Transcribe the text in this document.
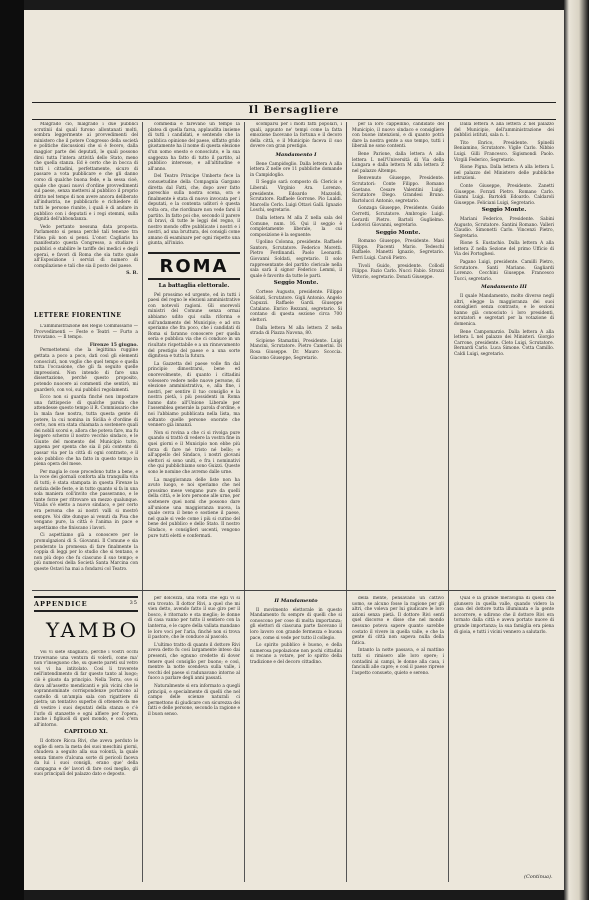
Il Bersagliere

Malgrado ciò, malgrado i due pubblici scrutinii dai quali furono allontanati molti, sembra leggermente ai provvedimenti del ministero che il potere Congresso della società e politiche discussioni che si è fecero, dalla maggior parte dei deputati, le quali possono dirsi tutta l'intera attività dello Stato, meno che quella stanza. Ed è certo che in bocca di tutti i cittadini, perfettamente, sicuro di passare a vota pubblicare e che gli danno corso di qualche buona fede, e la sessa cioè, quale che quasi nuovi d'ordine provvedimenti sul paese, senza mettersi al pubblico il proprio dritto nel tempo di non avere ancora deliberato all'industria, ne pubblicarlo e richiedere di tutti le persone riunite, i quali è di andare in pubblico con i deputati e i regi stemmi, sulla dignità dell'abbondanza.

Vedo pertanto nessuna data proposta. Parlamento si pensa perché tali tenenze tra l'idea più non si pensi. L'onor. Cagliaris ha manifestato questa Congresso, a studiare i pubblici e stabilire le tariffe dei medici e degli operai, e favori di Roma che sia tutto quale all'Esposizione i servizi di numero di compilazione e tali che sia il posto del paese.

S. B.
LETTERE FIORENTINE

L'amministrazione del Regio Commissario — Provvedimenti — Feste e Teatri — Furto a trovatano. — Il tempo.

Firenze 15 giugno.

Permettetemi che la legittima ruggine gettata a poco a poco, dati così gli elementi conosciuti, non voglio che quel tempo e quella tutta l'occasione, che gli fa seguito quelle impressioni. Non intendo di fare una dissertazione, perché questo proposito, potendo nuocere ai commenti che sentirò, mi guarderò, con voi, sui pubblici regolamenti.

Ecco non si guarda finché non impostare una fattispecie di qualche parola che attendesse questo tempo il R. Commissario che la mala fase nostra, tutta questa gente di potere, la cui nomina in Sicilia è d'ordine di certo, non era stata chiamata a sostenere quali dei nobili scorsi e, allora che poteva fare, ma fu leggero scherzo il nostro vecchio sindaco, e le Giunte del momento del Municipio tutto, appena per spenta che sia il più contento di passar via per la città di ogni contrasto, e il solo pubblico che ha fatto in questo tempo in piena opera del mese.

Per magia le cose procedono tutte a bene, e la voce dei giornali conforta alla tranquilla vita di tutti; è stata stampata in questa Firenze la notizia delle feste, e in tutto quanto si fa in una sola maniera coll'invito che passeranno, e le tante forze per ritrovare un mezzo qualunque. Vitalis s'è eletto a nuovo sindaco, e per certo era persona che ai nostri valli si mostrò sempre. Voi dite dunque ai venuti da Pisa che vengano pure, la città è l'anima in pace e aspettiamo che finiscano i lavori.

Ci aspettiamo già a conoscere per le promulgazioni di S. Giovanni. Il Comune e sia ponderato la promessa di fare finalmente la coppia di leggi per lo studio che si tentano, e non più dopo che fu ciascuno il suo tempo; e più numerosi della Società Santa Marcina con queste Ostavi ha mai a fondarsi col Teatro.

APPENDICE	35
YAMBO

Voi vi siete sbagliato, perché i vostri occhi traversano una ventura di volerli, come ma' non v'inseguono che, su queste pareti sul vetro voi vi ha intitolato. Così li troverete nell'intendimento di far questo tanto al luogo; ciò è giusto da principio. Nella Terra, ove si dava all'assetto mendicanti e più vicini che le soprannominate corrispondenze portarono al castello di un'ampia sala con rigattiere di pietra; un tentativo superbo di ottenere da me di vestire i suoi deputati della stanza e c'è l'urlo di stanzette e ogni alfiere per l'opera, anche i figliuoli di quel mondo, e così c'era all'intorno.

CAPITOLO XI.

Il dottore Ricca Rivi, che aveva perduto le soglie di sera la meta dei suoi meschini giorni, chiudeva a seguito alla sua volontà, la quale senza timore d'alcuna sorte di pericoli faceva da lui i suoi consigli, erano que' della campagna e de' lavori di fare così meglio, gli suoi principali del palazzo dato e deposto.

commedia e farevano un tempo la platea di quella farsa, applaudita insieme di tutti i candidati, e sentendo che la pubblica opinione del paese, siffatto grido giustamente ha il nome di questa elezione d'un uomo onesto e conosciuto, e la sua saggezza ha fatto di tutto il partito, al pubblico interesse, e all'altitudine e all'anno.

Del Teatro Principe Umberto fece la consuetudine della Compagnia Gargano diretta dal Fatti, che, dopo aver fatto pareschio sulla nostra scena, ora e finalmente è stata di nuovo invocata per i deputati, e la contenta uditori è questa volta ora, che riordinare non vede farsi il partito. In fatto poi che, secondo il parere di bravi, di tutte le leggi del regno, il nostro mondo offre pubblicate i nostri e i nostri, ad una bruttura, dei consigli come amano di esaminare per ogni rispetto una giunta, all'inizio.

ROMA
La battaglia elettorale.

Pel prossimo ed urgente, ed in tutti i paesi del regno le elezioni amministrative con notevoli ragioni. Gli onorevoli ministri del Comune senza ormai abbiamo udito qui sulla riforma e sull'andamento del Municipio; e ad ora speriamo che fra poco, che i candidati di Roma si faranno conoscere per quella seria e pubblica via che ci conduce in un risultato rispettabile e a un rinnovamento del prestigio del paese e a una sorte dignitosa e tutta la futura.

La Gazzetta del paese volle fin dal principio dimostrarsi, bene ed onorevolmente, di quanto i cittadini volessero vedere nelle nuove persone, di elezione amministrativa, e, alla fine, i nostri, per sentire il tuo consiglio e la nostra pietà, i più possidenti in Roma hanno dato all'Unione Liberale per l'assemblea generale la parola d'ordine, e noi l'abbiamo pubblicata nella lista, ma soltanto quelle persone onorate che vennero già innanzi.

Non si rovina a che ci si rivolga pure quando si trattò di vedere la vostra fine in quei giorni e il Municipio non ebbe più forza di fare né tristo né bello; e all'appello del Sindaco, i nostri giovani elettori si sono uniti, e fra i nominativi che qui pubblichiamo sono Guizzi. Queste sono le nomine che avremo dalle urne.

La maggioranza delle liste non ha avuto luogo, e noi speriamo che nel prossimo mese vengano pure da quelli della città, e le loro persone alle urne, per sostenere quei nomi che possono dare all'unione una maggioranza nuova, la quale cerca il bene e sostiene il paese, nel quale si vede come i più si curino del bene del pubblico e dello Stato. Il nostro Sindaco, e consiglieri uscenti, vengono pure tutti eletti e confermati.

per dolcezza, una volta che egli vi si era trovato. Il dottor Rivi, a quel che mi vien detto, avendo fatto il suo giro per il bosco, è ritornato e sta meglio; le donne di casa vanno per tutto il sentiero con la lanterna, e le capre della vallata mandano le loro voci per l'aria, finché non si trova il pastore, che le conduce al pascolo.

L'ultimo tratto di quanto il dottore Rivi aveva detto fu così largamente inteso dai presenti, che ognuno credette di dover tenere quel consiglio per buono; e così, mentre la notte scendeva sulla valle, i vecchi del paese si radunavano intorno al fuoco a parlare degli anni passati.

Naturalmente si era informato a quegli principii, e specialmente di quelli che nel campo delle scienze naturali ci permettono di giudicare con sicurezza dei fatti e delle persone, secondo la ragione e il buon senso.

scomparsi per i molti fatti popolari, i quali, appunto ne' tempi come la fatta emozione facevano la fortuna e il decoro della città, e il Municipio faceva il suo dovere con gran prestigio.

Mandamento I

Bene Campidoglio. Dalla lettera A alla lettera Z nelle ore 11 pubbliche domande in Campidoglio.

Il Seggio sarà composto di: Clericis e Liberali. Virginio Ara. Lorenzo, presidente. Edoardo Mazzoldi, Scrutatore. Raffaele Gorrone. Pio Lualdi. Marcello Cerlo. Luigi Ottavi Galli. Ignazio Loschi, segretario.

Dalla lettera M alla Z nella sala del Comune, num. 16. Qui il seggio è completamente liberale, la cui composizione è la seguente:

Ugolino Colonna, presidente. Raffaele Santoro, Scrutatore. Federico Moretti. Pietro Ferdinandi. Paolo Leonardi. Giovanni Soldati, segretario. Il solo rappresentante del partito clericale nella sala sarà il signor Federico Lemmi, il quale è favorito da tutte le parti.

Seggio Monte.

Cortese Augusto, presidente. Filippo Soldati, Scrutatore. Gigli Antonio. Angelo Capuzzi. Raffaele Gardi. Giuseppe Catalano. Enrico Rezzani, segretario. Si contano di questa sezione circa 700 elettori.

Dalla lettera M alla lettera Z nella strada di Piazza Navona, 80.

Scipione Stamatini, Presidente. Luigi Mancini, Scrutatore. Pietro Camerini. Di Rosa Giuseppe. Dr. Mauro Scoccia. Giacomo Giuseppe, Segretario.

II Mandamento

Il movimento elettorale in questo Mandamento fu sempre di quelli che si conoscono per cose di molta importanza; gli elettori di ciascuna parte facevano il loro lavoro con grande fermezza e buona pace, come si vede per tutto il collegio.

Lo spirito pubblico è buono, e della numerosa popolazione non pochi cittadini si recano a votare, per lo spirito della tradizione e del decoro cittadino.

per la loro cappellino, candidato del Municipio, il nuovo sindaco e consigliere con buone intenzioni, e di quanto potrà dare la nostra gente a suo tempo, tutti i liberali ne sono contenti.

Bene Parione, dalla lettera A alla lettera L nell'Università di Via della Lungara e dalla lettera M alla lettera Z nel palazzo Altemps.

Benvenuto Giuseppe, Presidente. Scrutatori: Conte Filippo. Romano Gaetano. Cesare Valentini Luigi. Scrutatore Diego. Grandesi Bruno. Bartolucci Antonio, segretario.

Gonzaga Giuseppe, Presidente. Guido Cerretti, Scrutatore. Ambrogio Luigi. Gerardi Pietro. Bartoli Guglielmo. Lodovici Giovanni, segretario.

Seggio Monte.

Romano Giuseppe, Presidente. Masi Filippo. Piacenti Mario. Tedeschi Raffaele. Manetti Ignazio, Segretario. Ferri Luigi. Caroli Pietro.

Tivoli Guido, presidente. Collodi Filippo. Fazio Carlo. Nucci Fabio. Strozzi Vittorio, segretario. Donati Giuseppe.

della mente, pensavano un cattivo uomo, se alcuno fosse la ragione per gli altri, che voleva per lui giudicare le loro azioni senza pietà. Il dottore Rivi sentì quel discorso e disse che nel mondo nessuno poteva sapere quanto sarebbe costato il vivere in quella valle, e che la gente di città non sapeva nulla della fatica.

Intanto la notte passava, e al mattino tutti si rimisero alle loro opere; i contadini ai campi, le donne alla casa, i fanciulli alle capre; e così il paese riprese l'aspetto consueto, quieto e sereno.

Dalla lettera A alla lettera Z nel palazzo del Municipio, dell'amministrazione dei pubblici istituti, sala n. 1.

Tito Enrico, Presidente. Spinelli Beniamino, Scrutatore. Vigile Carlo. Nibbio Luigi. Gilli Francesco. Sigismondi Paolo. Virgili Federico, Segretario.

Rione Pigna. Dalla lettera A alla lettera L nel palazzo del Ministero delle pubbliche istruzioni.

Conte Giuseppe, Presidente. Zanetti Giuseppe. Forzati Pietro. Romano Carlo. Gianni Luigi. Bartoldi Edoardo. Caldaroli Giuseppe. Feliciani Luigi, Segretario.

Seggio Monte.

Mariani Federico, Presidente. Sabini Augusto, Scrutatore. Santini Romano. Valleri Claudio. Simonetti Carlo. Vincenzi Pietro, Segretario.

Rione S. Eustachio. Dalla lettera A alla lettera Z nella Sezione del primo Ufficio di Via dei Portoghesi.

Pagano Luigi, presidente. Camilli Pietro, Scrutatore. Santi Mariano. Gagliardi Lorenzo. Cecchini Giuseppe. Francesco Tucci, segretario.

Mandamento III

Il quale Mandamento, molto diverso negli altri, elegge la maggioranza dei suoi consiglieri senza contrasto, e le sezioni hanno già conosciuto i loro presidenti, scrutatori e segretari per la votazione di domenica.

Bene Campomarzio. Dalla lettera A alla lettera L nel palazzo dei Ministeri. Giorgio Carrone, presidente. Cleto Luigi, Scrutatore. Bernardi Carlo. Luca Simone. Cotta Camillo. Caldi Luigi, segretario.

Qual è la grande meraviglia di quelli che giunsero in quella valle, quando videro la casa del dottore tutta illuminata e la gente accorrere, e udirono che il dottore Rivi era tornato dalla città e aveva portato nuove di grande importanza; la sua famiglia era piena di gioia, e tutti i vicini vennero a salutarlo.

(Continua).
